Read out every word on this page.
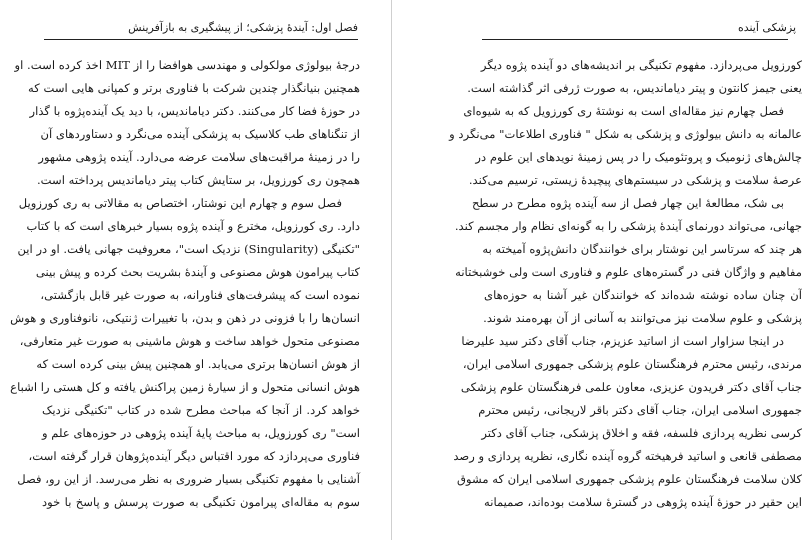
فصل اول: آیندۀ پزشکی؛ از پیشگیری به بازآفرینش
درجۀ بیولوژی مولکولی و مهندسی هوافضا را از MIT اخذ کرده است. او
همچنین بنیانگذار چندین شرکت با فناوری برتر و کمپانی هایی است که
در حوزۀ فضا کار می‌کنند. دکتر دیاماندیس، با دید یک آینده‌پژوه با گذار
از تنگناهای طب کلاسیک به پزشکی آینده می‌نگرد و دستاوردهای آن
را در زمینۀ مراقبت‌های سلامت عرضه می‌دارد. آینده پژوهی مشهور
همچون ری کورزویل، بر ستایش کتاب پیتر دیاماندیس پرداخته است.
فصل سوم و چهارم این نوشتار، اختصاص به مقالاتی به ری کورزویل
دارد. ری کورزویل، مخترع و آینده پژوه بسیار خبرهای است که با کتاب
"تکنیگی (Singularity) نزدیک است"، معروفیت جهانی یافت. او در این
کتاب پیرامون هوش مصنوعی و آیندۀ بشریت بحث کرده و پیش بینی
نموده است که پیشرفت‌های فناورانه، به صورت غیر قابل بازگشتی،
انسان‌ها را با فزونی در ذهن و بدن، با تغییرات ژنتیکی، نانوفناوری و هوش
مصنوعی متحول خواهد ساخت و هوش ماشینی به صورت غیر متعارفی،
از هوش انسان‌ها برتری می‌یابد. او همچنین پیش بینی کرده است که
هوش انسانی متحول و از سیارۀ زمین پراکنش یافته و کل هستی را اشباع
خواهد کرد. از آنجا که مباحث مطرح شده در کتاب "تکنیگی نزدیک
است" ری کورزویل، به مباحث پایۀ آینده پژوهی در حوزه‌های علم و
فناوری می‌پردازد که مورد اقتباس دیگر آینده‌پژوهان قرار گرفته است،
آشنایی با مفهوم تکنیگی بسیار ضروری به نظر می‌رسد. از این رو، فصل
سوم به مقاله‌ای پیرامون تکنیگی به صورت پرسش و پاسخ با خود
پزشکی آینده
کورزویل می‌پردازد. مفهوم تکنیگی بر اندیشه‌های دو آینده پژوه دیگر
یعنی جیمز کانتون و پیتر دیاماندیس، به صورت ژرفی اثر گذاشته است.
فصل چهارم نیز مقاله‌ای است به نوشتۀ ری کورزویل که به شیوه‌ای
عالمانه به دانش بیولوژی و پزشکی به شکل " فناوری اطلاعات" می‌نگرد و
چالش‌های ژنومیک و پروتئومیک را در پس زمینۀ نویدهای این علوم در
عرصۀ سلامت و پزشکی در سیستم‌های پیچیدۀ زیستی، ترسیم می‌کند.
بی شک، مطالعۀ این چهار فصل از سه آینده پژوه مطرح در سطح
جهانی، می‌تواند دورنمای آیندۀ پزشکی را به گونه‌ای نظام وار مجسم کند.
هر چند که سرتاسر این نوشتار برای خوانندگان دانش‌پژوه آمیخته به
مفاهیم و واژگان فنی در گستره‌های علوم و فناوری است ولی خوشبختانه
آن چنان ساده نوشته شده‌اند که خوانندگان غیر آشنا به حوزه‌های
پزشکی و علوم سلامت نیز می‌توانند به آسانی از آن بهره‌مند شوند.
در اینجا سزاوار است از اساتید عزیزم، جناب آقای دکتر سید علیرضا
مرندی، رئیس محترم فرهنگستان علوم پزشکی جمهوری اسلامی ایران،
جناب آقای دکتر فریدون عزیزی، معاون علمی فرهنگستان علوم پزشکی
جمهوری اسلامی ایران، جناب آقای دکتر باقر لاریجانی، رئیس محترم
کرسی نظریه پردازی فلسفه، فقه و اخلاق پزشکی، جناب آقای دکتر
مصطفی قانعی و اساتید فرهیخته گروه آینده نگاری، نظریه پردازی و رصد
کلان سلامت فرهنگستان علوم پزشکی جمهوری اسلامی ایران که مشوق
این حقیر در حوزۀ آینده پژوهی در گسترۀ سلامت بوده‌اند، صمیمانه
